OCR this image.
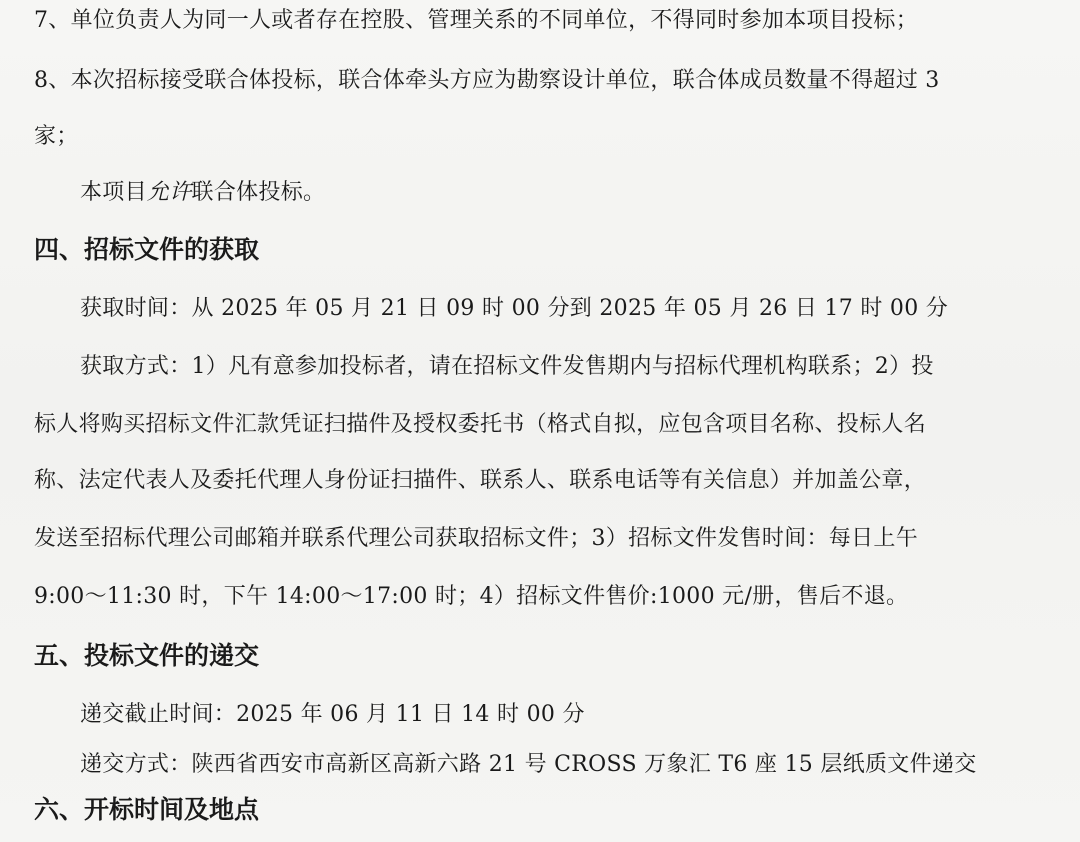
7、单位负责人为同一人或者存在控股、管理关系的不同单位，不得同时参加本项目投标；
8、本次招标接受联合体投标，联合体牵头方应为勘察设计单位，联合体成员数量不得超过 3
家；
本项目允许联合体投标。
四、招标文件的获取
获取时间：从 2025 年 05 月 21 日 09 时 00 分到 2025 年 05 月 26 日 17 时 00 分
获取方式：1）凡有意参加投标者，请在招标文件发售期内与招标代理机构联系；2）投
标人将购买招标文件汇款凭证扫描件及授权委托书（格式自拟，应包含项目名称、投标人名
称、法定代表人及委托代理人身份证扫描件、联系人、联系电话等有关信息）并加盖公章，
发送至招标代理公司邮箱并联系代理公司获取招标文件；3）招标文件发售时间：每日上午
9:00～11:30 时，下午 14:00～17:00 时；4）招标文件售价:1000 元/册，售后不退。
五、投标文件的递交
递交截止时间：2025 年 06 月 11 日 14 时 00 分
递交方式：陕西省西安市高新区高新六路 21 号 CROSS 万象汇 T6 座 15 层纸质文件递交
六、开标时间及地点
